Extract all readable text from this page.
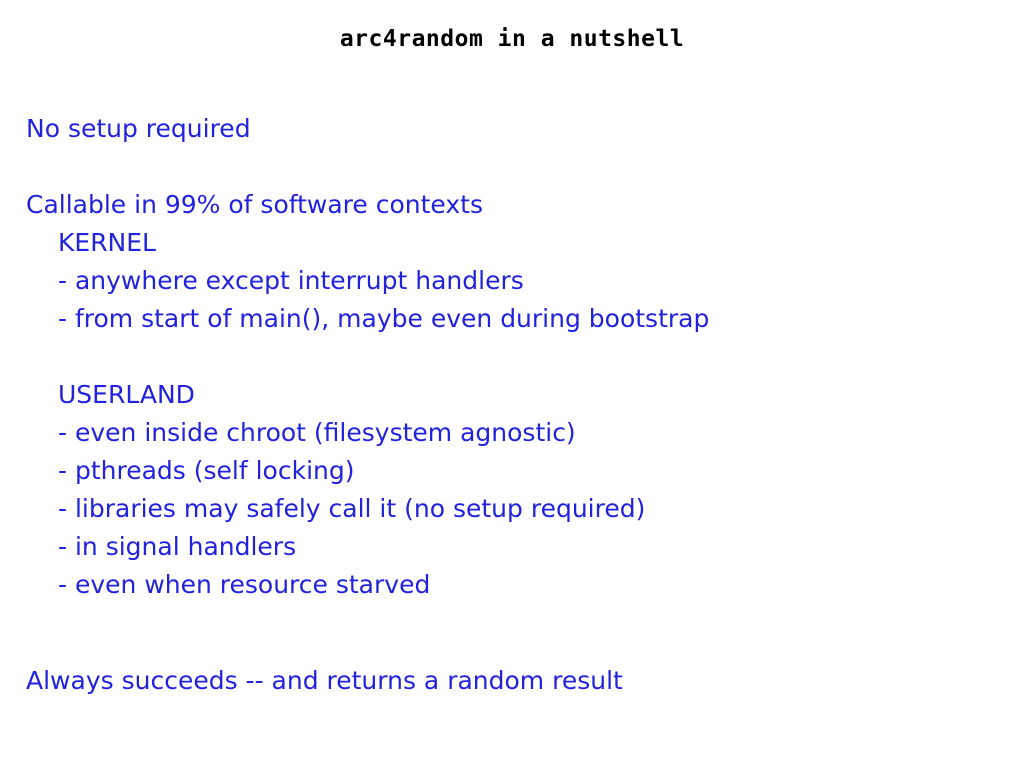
arc4random in a nutshell
No setup required
Callable in 99% of software contexts
KERNEL
- anywhere except interrupt handlers
- from start of main(), maybe even during bootstrap
USERLAND
- even inside chroot (filesystem agnostic)
- pthreads (self locking)
- libraries may safely call it (no setup required)
- in signal handlers
- even when resource starved
Always succeeds -- and returns a random result
